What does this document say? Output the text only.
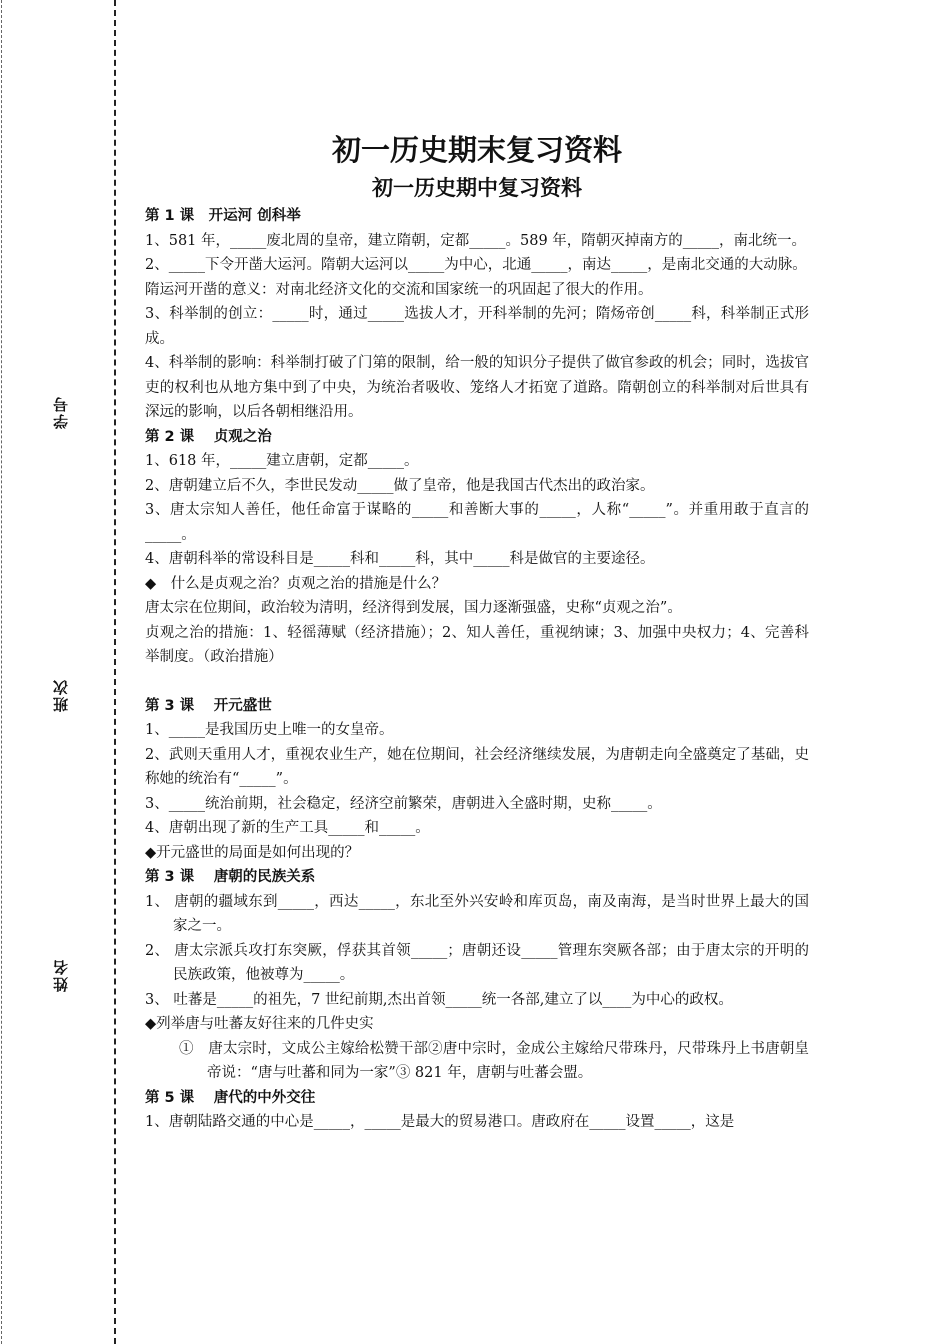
学号
班次
姓名
初一历史期末复习资料
初一历史期中复习资料
第 1 课　开运河 创科举
1、581 年，_____废北周的皇帝，建立隋朝，定都_____。589 年，隋朝灭掉南方的_____，南北统一。
2、_____下令开凿大运河。隋朝大运河以_____为中心，北通_____，南达_____，是南北交通的大动脉。
隋运河开凿的意义：对南北经济文化的交流和国家统一的巩固起了很大的作用。
3、科举制的创立：_____时，通过_____选拔人才，开科举制的先河；隋炀帝创_____科，科举制正式形成。
4、科举制的影响：科举制打破了门第的限制，给一般的知识分子提供了做官参政的机会；同时，选拔官吏的权利也从地方集中到了中央，为统治者吸收、笼络人才拓宽了道路。隋朝创立的科举制对后世具有深远的影响，以后各朝相继沿用。
第 2 课　 贞观之治
1、618 年，_____建立唐朝，定都_____。
2、唐朝建立后不久，李世民发动_____做了皇帝，他是我国古代杰出的政治家。
3、唐太宗知人善任，他任命富于谋略的_____和善断大事的_____，人称“_____”。并重用敢于直言的_____。
4、唐朝科举的常设科目是_____科和_____科，其中_____科是做官的主要途径。
◆　什么是贞观之治？贞观之治的措施是什么？
唐太宗在位期间，政治较为清明，经济得到发展，国力逐渐强盛，史称“贞观之治”。
贞观之治的措施：1、轻徭薄赋（经济措施）；2、知人善任，重视纳谏；3、加强中央权力；4、完善科举制度。（政治措施）
第 3 课　 开元盛世
1、_____是我国历史上唯一的女皇帝。
2、武则天重用人才，重视农业生产，她在位期间，社会经济继续发展，为唐朝走向全盛奠定了基础，史称她的统治有“_____”。
3、_____统治前期，社会稳定，经济空前繁荣，唐朝进入全盛时期，史称_____。
4、唐朝出现了新的生产工具_____和_____。
◆开元盛世的局面是如何出现的？
第 3 课　 唐朝的民族关系
1、 唐朝的疆域东到_____，西达_____，东北至外兴安岭和库页岛，南及南海，是当时世界上最大的国家之一。
2、 唐太宗派兵攻打东突厥，俘获其首领_____；唐朝还设_____管理东突厥各部；由于唐太宗的开明的民族政策，他被尊为_____。
3、 吐蕃是_____的祖先，7 世纪前期,杰出首领_____统一各部,建立了以____为中心的政权。
◆列举唐与吐蕃友好往来的几件史实
①　唐太宗时，文成公主嫁给松赞干部②唐中宗时，金成公主嫁给尺带珠丹，尺带珠丹上书唐朝皇帝说：“唐与吐蕃和同为一家”③ 821 年，唐朝与吐蕃会盟。
第 5 课　 唐代的中外交往
1、唐朝陆路交通的中心是_____，_____是最大的贸易港口。唐政府在_____设置_____，这是
